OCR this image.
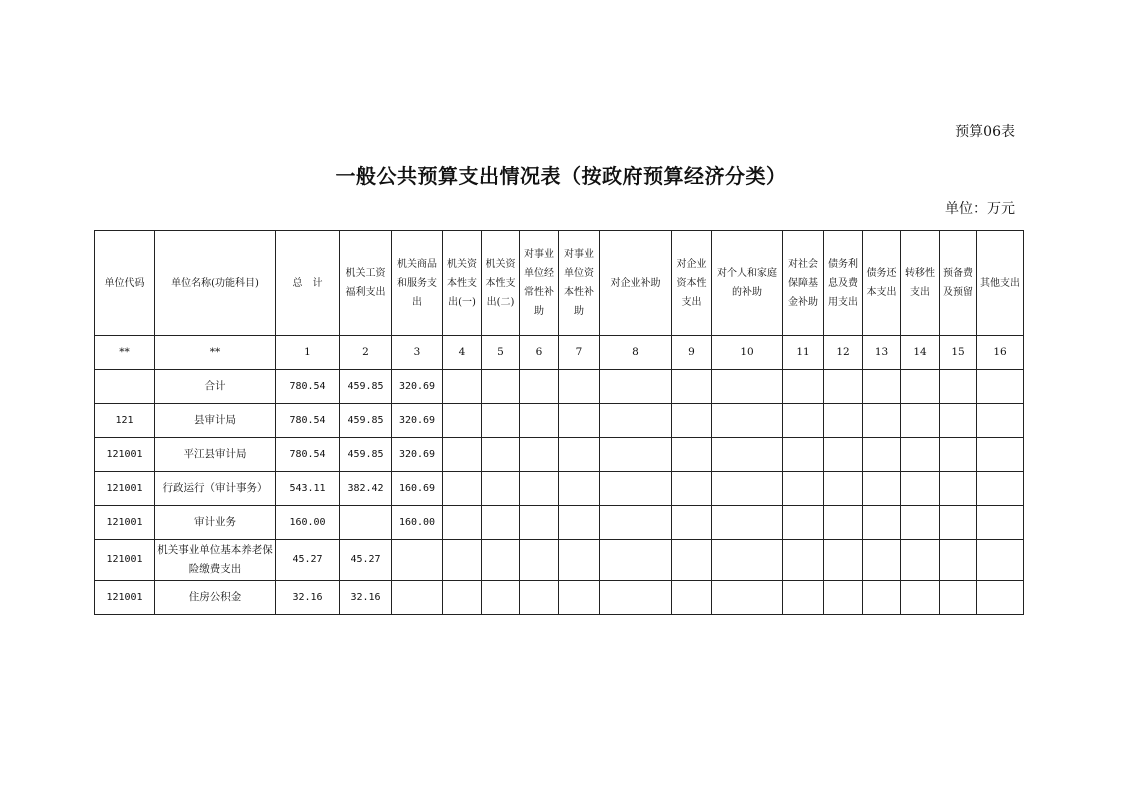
预算06表
一般公共预算支出情况表（按政府预算经济分类）
单位：万元
单位代码	单位名称(功能科目)	总　计	机关工资福利支出	机关商品和服务支出	机关资本性支出(一)	机关资本性支出(二)	对事业单位经常性补助	对事业单位资本性补助	对企业补助	对企业资本性支出	对个人和家庭的补助	对社会保障基金补助	债务利息及费用支出	债务还本支出	转移性支出	预备费及预留	其他支出
**	**	1	2	3	4	5	6	7	8	9	10	11	12	13	14	15	16
	合计	780.54	459.85	320.69													
121	县审计局	780.54	459.85	320.69													
121001	平江县审计局	780.54	459.85	320.69													
121001	行政运行（审计事务）	543.11	382.42	160.69													
121001	审计业务	160.00		160.00													
121001	机关事业单位基本养老保险缴费支出	45.27	45.27														
121001	住房公积金	32.16	32.16														
